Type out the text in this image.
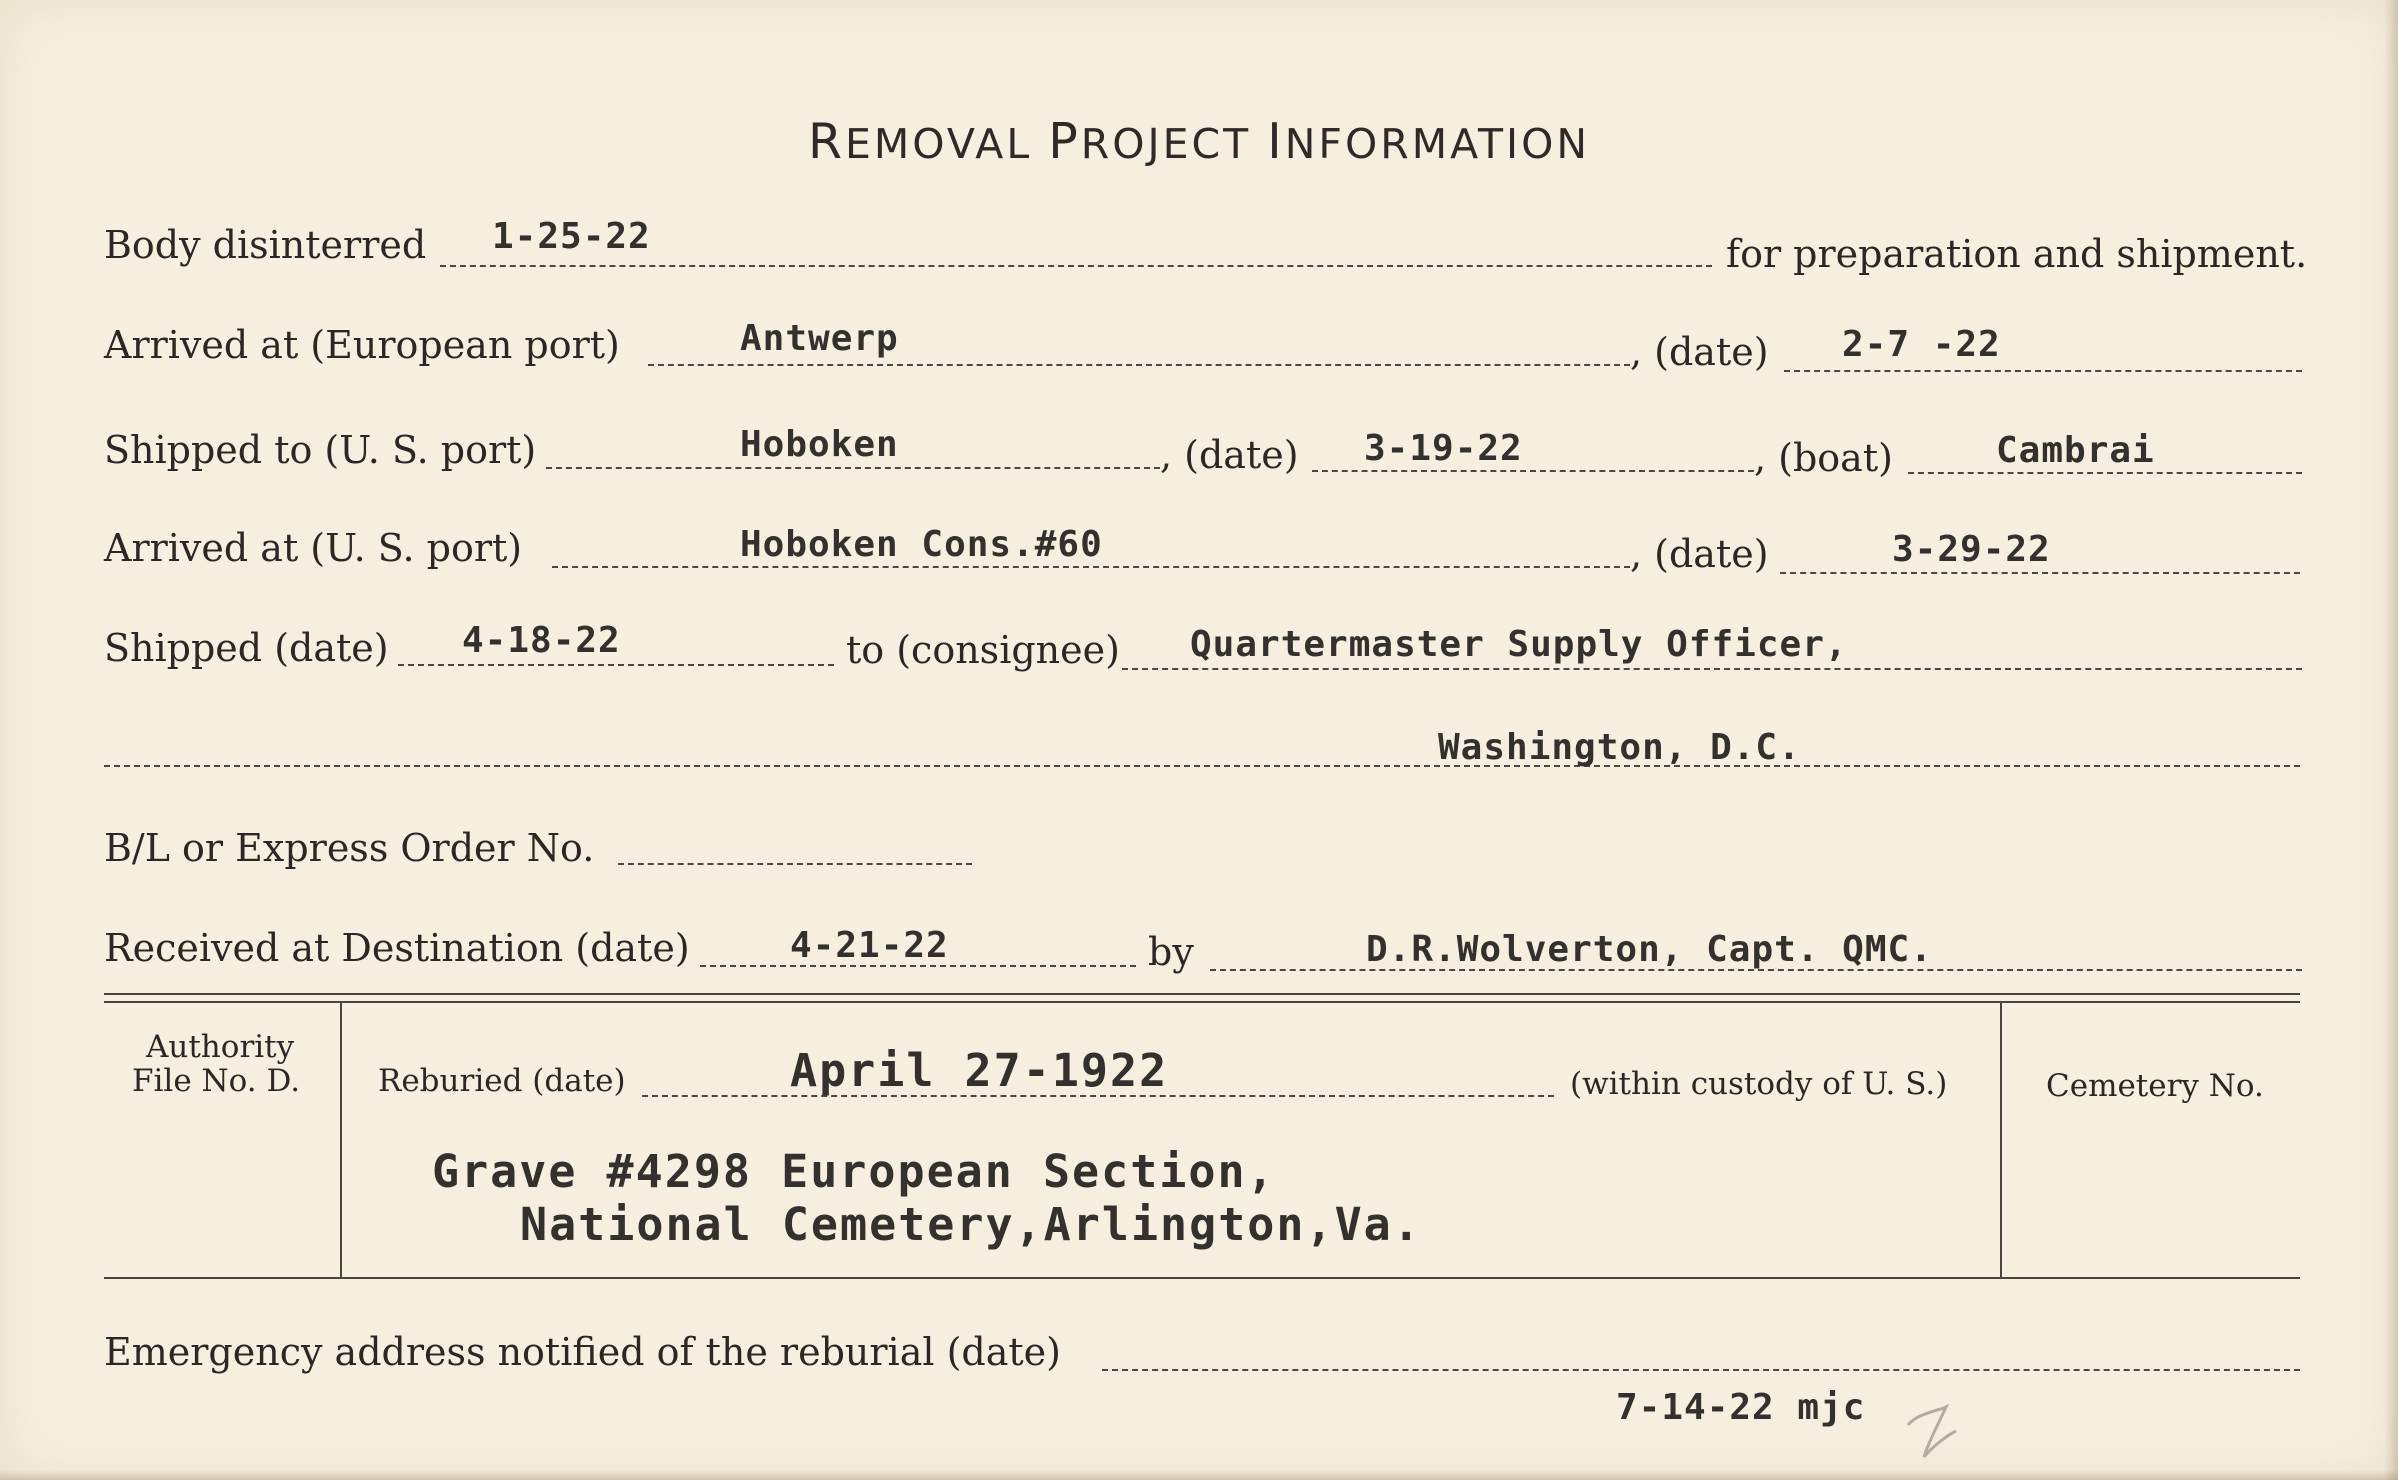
REMOVAL PROJECT INFORMATION
Body disinterred 1-25-22	for preparation and shipment.
Arrived at (European port)	Antwerp	, (date) 2-7 -22
Shipped to (U. S. port)	Hoboken	, (date) 3-19-22	, (boat)	Cambrai
Arrived at (U. S. port)	Hoboken Cons.#60	, (date)	3-29-22
Shipped (date) 4-18-22	to (consignee) Quartermaster Supply Officer,
Washington, D.C.
B/L or Express Order No.
Received at Destination (date)	4-21-22	by	D.R.Wolverton, Capt. QMC.
Authority
File No. D.	Reburied (date)	April 27-1922	(within custody of U. S.)
Grave #4298 European Section,
National Cemetery,Arlington,Va.
Cemetery No.
Emergency address notified of the reburial (date)
7-14-22 mjc
